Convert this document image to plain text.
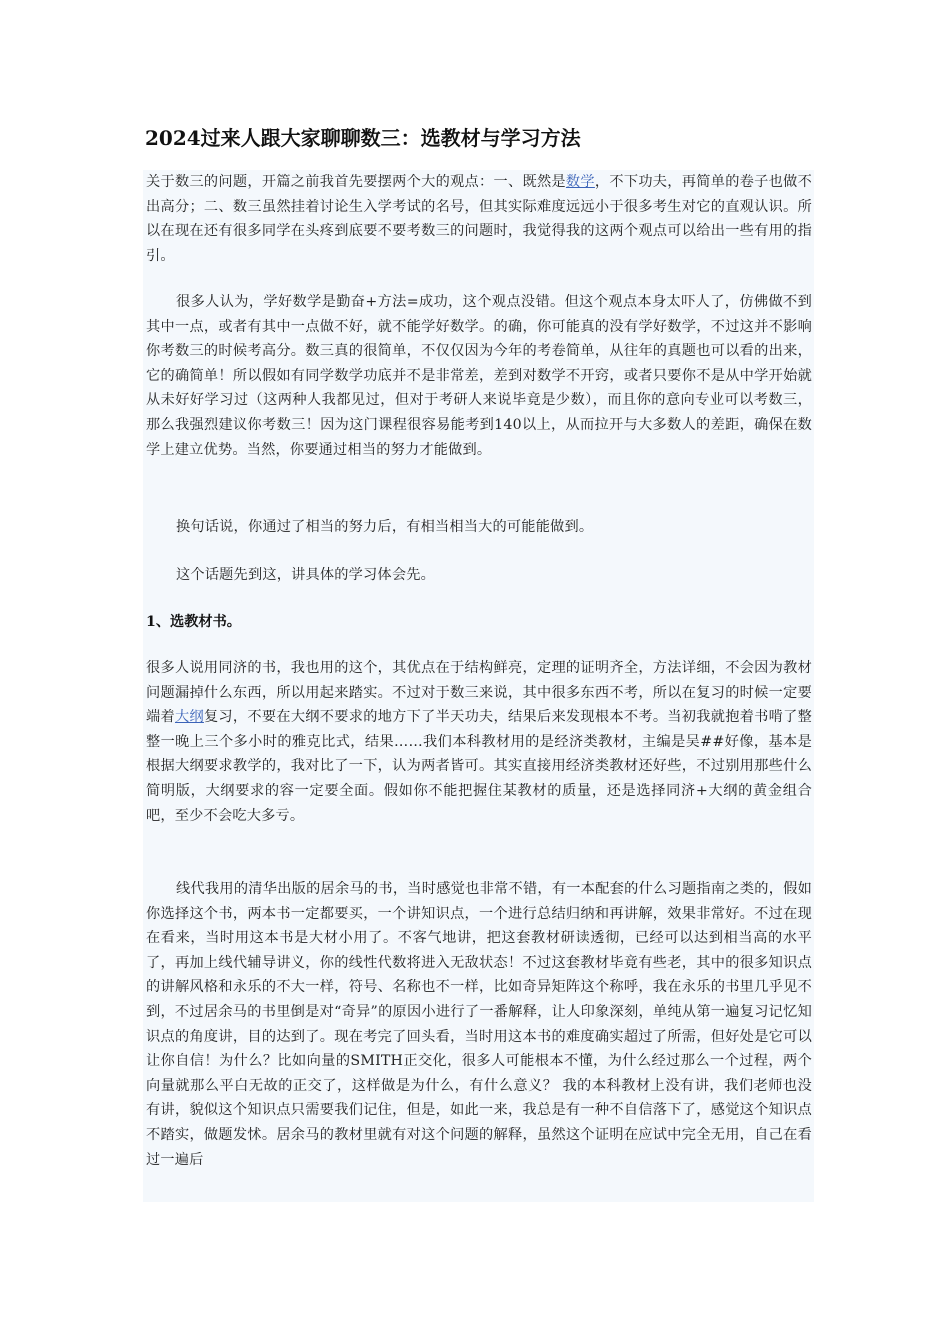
2024过来人跟大家聊聊数三：选教材与学习方法

关于数三的问题，开篇之前我首先要摆两个大的观点：一、既然是数学，不下功夫，再简单的卷子也做不出高分；二、数三虽然挂着讨论生入学考试的名号，但其实际难度远远小于很多考生对它的直观认识。所以在现在还有很多同学在头疼到底要不要考数三的问题时，我觉得我的这两个观点可以给出一些有用的指引。

很多人认为，学好数学是勤奋+方法=成功，这个观点没错。但这个观点本身太吓人了，仿佛做不到其中一点，或者有其中一点做不好，就不能学好数学。的确，你可能真的没有学好数学，不过这并不影响你考数三的时候考高分。数三真的很简单，不仅仅因为今年的考卷简单，从往年的真题也可以看的出来，它的确简单！所以假如有同学数学功底并不是非常差，差到对数学不开窍，或者只要你不是从中学开始就从未好好学习过（这两种人我都见过，但对于考研人来说毕竟是少数），而且你的意向专业可以考数三，那么我强烈建议你考数三！因为这门课程很容易能考到140以上，从而拉开与大多数人的差距，确保在数学上建立优势。当然，你要通过相当的努力才能做到。

换句话说，你通过了相当的努力后，有相当相当大的可能能做到。

这个话题先到这，讲具体的学习体会先。

1、选教材书。

很多人说用同济的书，我也用的这个，其优点在于结构鲜亮，定理的证明齐全，方法详细，不会因为教材问题漏掉什么东西，所以用起来踏实。不过对于数三来说，其中很多东西不考，所以在复习的时候一定要端着大纲复习，不要在大纲不要求的地方下了半天功夫，结果后来发现根本不考。当初我就抱着书啃了整整一晚上三个多小时的雅克比式，结果……我们本科教材用的是经济类教材，主编是吴##好像，基本是根据大纲要求教学的，我对比了一下，认为两者皆可。其实直接用经济类教材还好些，不过别用那些什么简明版，大纲要求的容一定要全面。假如你不能把握住某教材的质量，还是选择同济+大纲的黄金组合吧，至少不会吃大多亏。

线代我用的清华出版的居余马的书，当时感觉也非常不错，有一本配套的什么习题指南之类的，假如你选择这个书，两本书一定都要买，一个讲知识点，一个进行总结归纳和再讲解，效果非常好。不过在现在看来，当时用这本书是大材小用了。不客气地讲，把这套教材研读透彻，已经可以达到相当高的水平了，再加上线代辅导讲义，你的线性代数将进入无敌状态！不过这套教材毕竟有些老，其中的很多知识点的讲解风格和永乐的不大一样，符号、名称也不一样，比如奇异矩阵这个称呼，我在永乐的书里几乎见不到，不过居余马的书里倒是对“奇异”的原因小进行了一番解释，让人印象深刻，单纯从第一遍复习记忆知识点的角度讲，目的达到了。现在考完了回头看，当时用这本书的难度确实超过了所需，但好处是它可以让你自信！为什么？比如向量的SMITH正交化，很多人可能根本不懂，为什么经过那么一个过程，两个向量就那么平白无故的正交了，这样做是为什么，有什么意义？ 我的本科教材上没有讲，我们老师也没有讲，貌似这个知识点只需要我们记住，但是，如此一来，我总是有一种不自信落下了，感觉这个知识点不踏实，做题发怵。居余马的教材里就有对这个问题的解释，虽然这个证明在应试中完全无用，自己在看过一遍后
